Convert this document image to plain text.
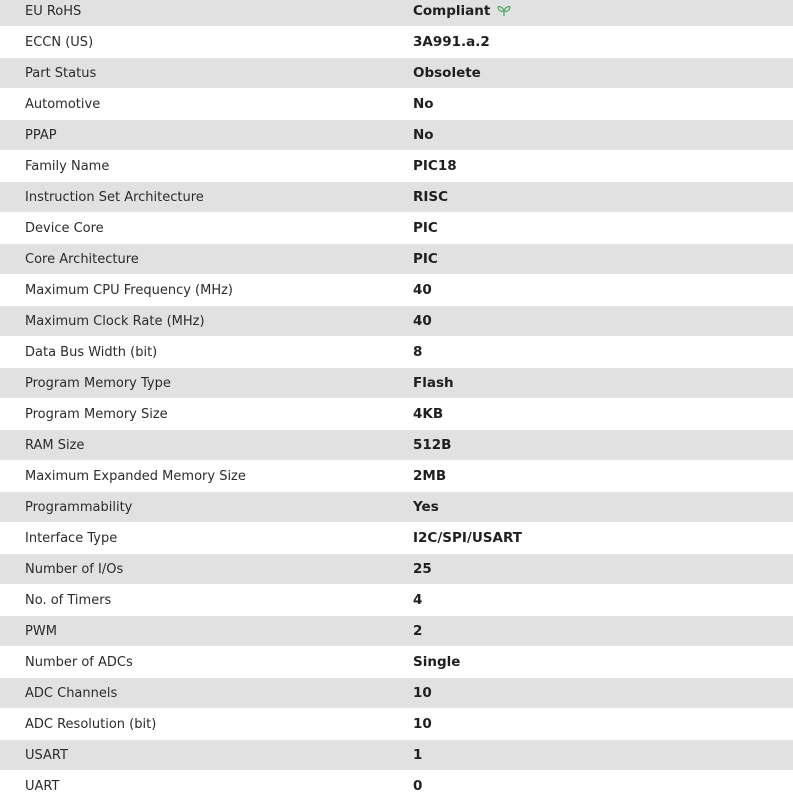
EU RoHS	Compliant
ECCN (US)	3A991.a.2
Part Status	Obsolete
Automotive	No
PPAP	No
Family Name	PIC18
Instruction Set Architecture	RISC
Device Core	PIC
Core Architecture	PIC
Maximum CPU Frequency (MHz)	40
Maximum Clock Rate (MHz)	40
Data Bus Width (bit)	8
Program Memory Type	Flash
Program Memory Size	4KB
RAM Size	512B
Maximum Expanded Memory Size	2MB
Programmability	Yes
Interface Type	I2C/SPI/USART
Number of I/Os	25
No. of Timers	4
PWM	2
Number of ADCs	Single
ADC Channels	10
ADC Resolution (bit)	10
USART	1
UART	0
